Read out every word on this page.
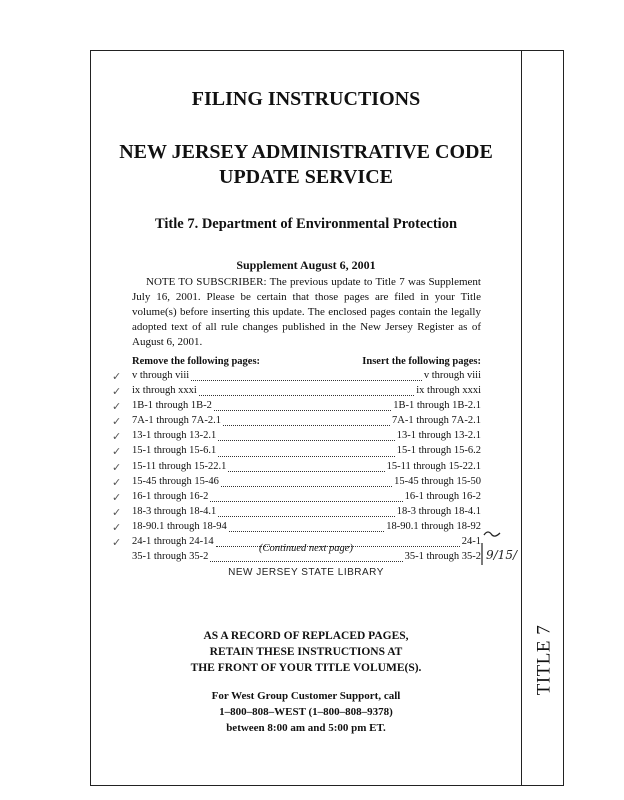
TITLE 7
FILING INSTRUCTIONS
NEW JERSEY ADMINISTRATIVE CODE
UPDATE SERVICE
Title 7. Department of Environmental Protection
Supplement August 6, 2001

NOTE TO SUBSCRIBER: The previous update to Title 7 was Supplement July 16, 2001. Please be certain that those pages are filed in your Title volume(s) before inserting this update. The enclosed pages contain the legally adopted text of all rule changes published in the New Jersey Register as of August 6, 2001.

Remove the following pages:	Insert the following pages:
v through viii	v through viii
ix through xxxi	ix through xxxi
1B-1 through 1B-2	1B-1 through 1B-2.1
7A-1 through 7A-2.1	7A-1 through 7A-2.1
13-1 through 13-2.1	13-1 through 13-2.1
15-1 through 15-6.1	15-1 through 15-6.2
15-11 through 15-22.1	15-11 through 15-22.1
15-45 through 15-46	15-45 through 15-50
16-1 through 16-2	16-1 through 16-2
18-3 through 18-4.1	18-3 through 18-4.1
18-90.1 through 18-94	18-90.1 through 18-92
24-1 through 24-14	24-1
35-1 through 35-2	35-1 through 35-2
✓
✓
✓
✓
✓
✓
✓
✓
✓
✓
✓
✓	(Continued next page)
NEW JERSEY STATE LIBRARY
AS A RECORD OF REPLACED PAGES,
RETAIN THESE INSTRUCTIONS AT
THE FRONT OF YOUR TITLE VOLUME(S).
For West Group Customer Support, call
1–800–808–WEST (1–800–808–9378)
between 8:00 am and 5:00 pm ET.
9/15/
